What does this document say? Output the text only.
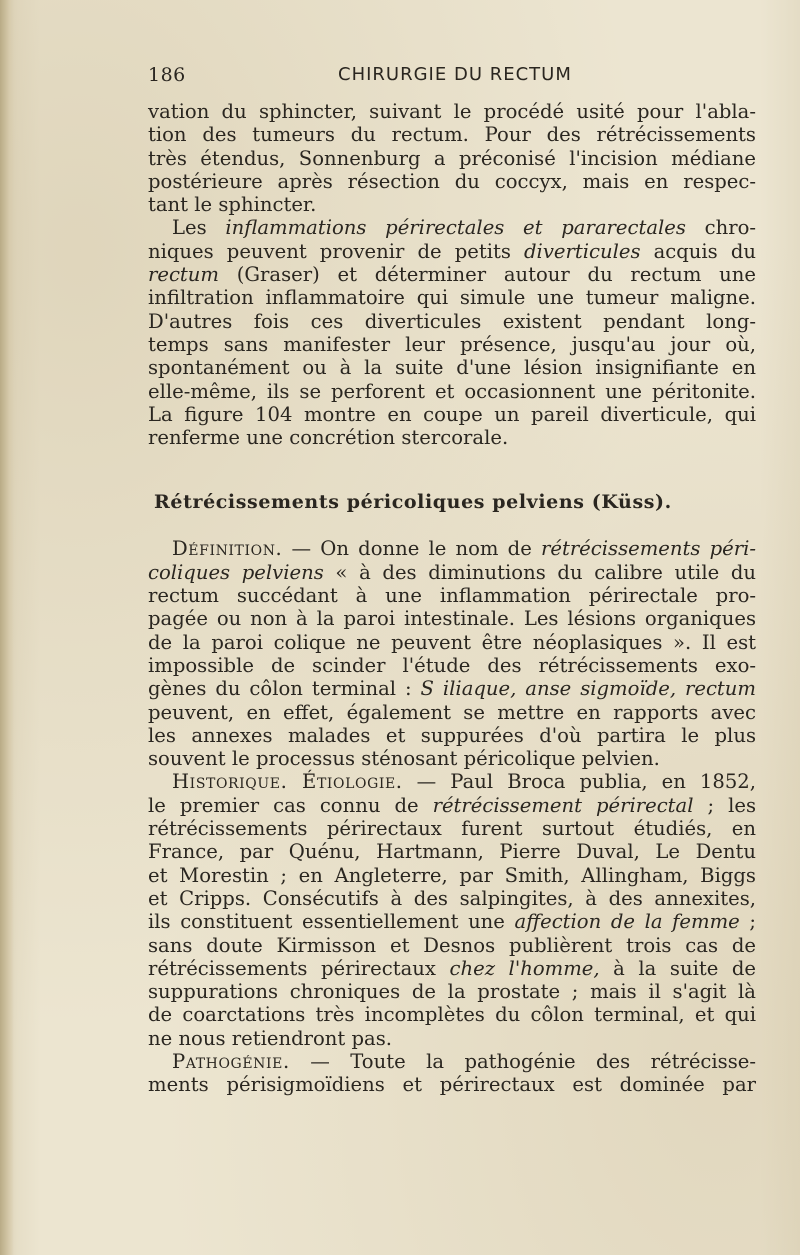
186	CHIRURGIE DU RECTUM
vation du sphincter, suivant le procédé usité pour l'abla-
tion des tumeurs du rectum. Pour des rétrécissements
très étendus, Sonnenburg a préconisé l'incision médiane
postérieure après résection du coccyx, mais en respec-
tant le sphincter.
Les inflammations périrectales et pararectales chro-
niques peuvent provenir de petits diverticules acquis du
rectum (Graser) et déterminer autour du rectum une
infiltration inflammatoire qui simule une tumeur maligne.
D'autres fois ces diverticules existent pendant long-
temps sans manifester leur présence, jusqu'au jour où,
spontanément ou à la suite d'une lésion insignifiante en
elle-même, ils se perforent et occasionnent une péritonite.
La figure 104 montre en coupe un pareil diverticule, qui
renferme une concrétion stercorale.
Rétrécissements péricoliques pelviens (Küss).
Définition. — On donne le nom de rétrécissements péri-
coliques pelviens « à des diminutions du calibre utile du
rectum succédant à une inflammation périrectale pro-
pagée ou non à la paroi intestinale. Les lésions organiques
de la paroi colique ne peuvent être néoplasiques ». Il est
impossible de scinder l'étude des rétrécissements exo-
gènes du côlon terminal : S iliaque, anse sigmoïde, rectum
peuvent, en effet, également se mettre en rapports avec
les annexes malades et suppurées d'où partira le plus
souvent le processus sténosant péricolique pelvien.
Historique. Étiologie. — Paul Broca publia, en 1852,
le premier cas connu de rétrécissement périrectal ; les
rétrécissements périrectaux furent surtout étudiés, en
France, par Quénu, Hartmann, Pierre Duval, Le Dentu
et Morestin ; en Angleterre, par Smith, Allingham, Biggs
et Cripps. Consécutifs à des salpingites, à des annexites,
ils constituent essentiellement une affection de la femme ;
sans doute Kirmisson et Desnos publièrent trois cas de
rétrécissements périrectaux chez l'homme, à la suite de
suppurations chroniques de la prostate ; mais il s'agit là
de coarctations très incomplètes du côlon terminal, et qui
ne nous retiendront pas.
Pathogénie. — Toute la pathogénie des rétrécisse-
ments périsigmoïdiens et périrectaux est dominée par
